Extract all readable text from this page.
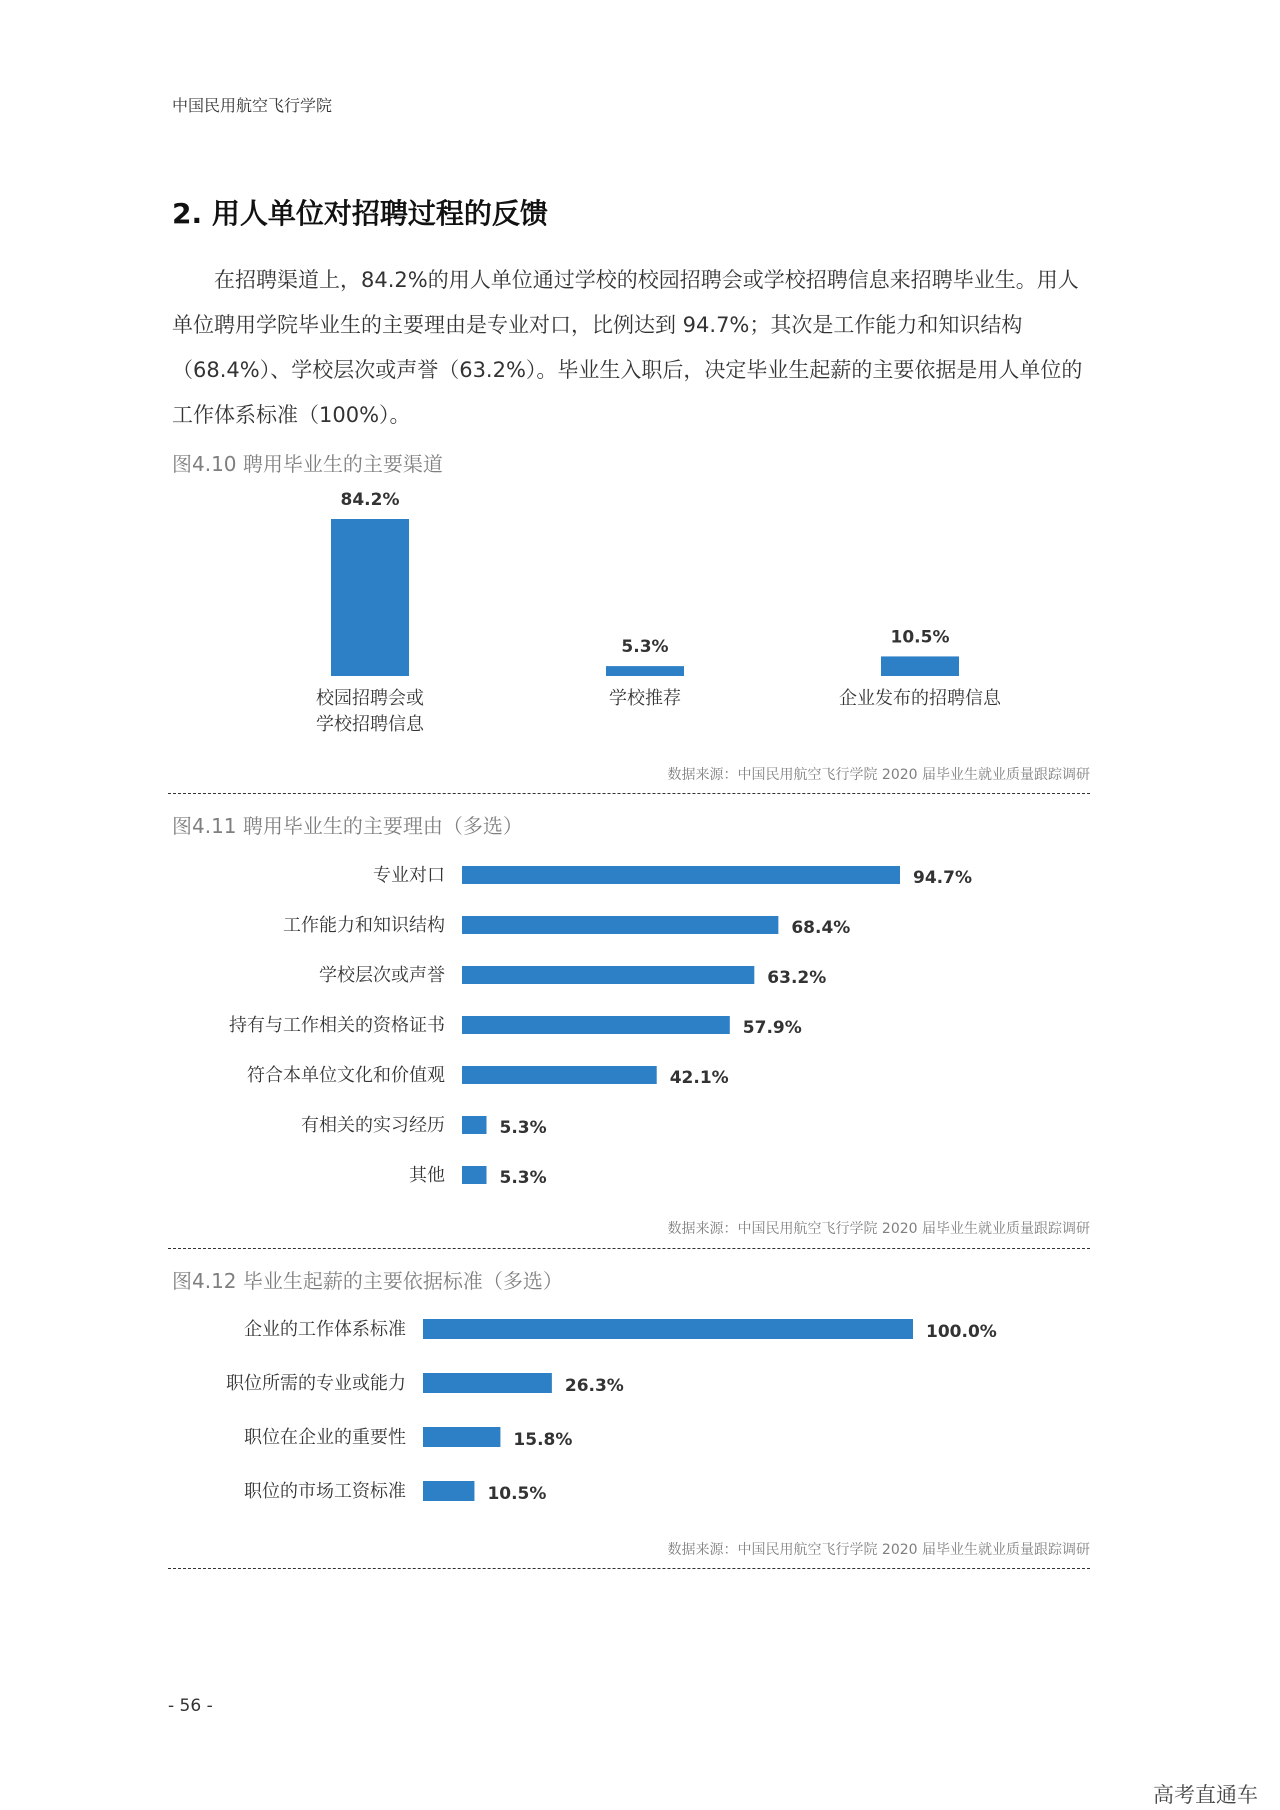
中国民用航空飞行学院
2. 用人单位对招聘过程的反馈

在招聘渠道上，84.2%的用人单位通过学校的校园招聘会或学校招聘信息来招聘毕业生。用人单位聘用学院毕业生的主要理由是专业对口，比例达到 94.7%；其次是工作能力和知识结构（68.4%）、学校层次或声誉（63.2%）。毕业生入职后，决定毕业生起薪的主要依据是用人单位的工作体系标准（100%）。

图4.10 聘用毕业生的主要渠道
84.2%
校园招聘会或
学校招聘信息
5.3%
学校推荐
10.5%
企业发布的招聘信息
数据来源：中国民用航空飞行学院 2020 届毕业生就业质量跟踪调研
图4.11 聘用毕业生的主要理由（多选）
专业对口	94.7%
工作能力和知识结构	68.4%
学校层次或声誉	63.2%
持有与工作相关的资格证书	57.9%
符合本单位文化和价值观	42.1%
有相关的实习经历	5.3%
其他	5.3%
数据来源：中国民用航空飞行学院 2020 届毕业生就业质量跟踪调研
图4.12 毕业生起薪的主要依据标准（多选）
企业的工作体系标准	100.0%
职位所需的专业或能力	26.3%
职位在企业的重要性	15.8%
职位的市场工资标准	10.5%
数据来源：中国民用航空飞行学院 2020 届毕业生就业质量跟踪调研
- 56 -
高考直通车
